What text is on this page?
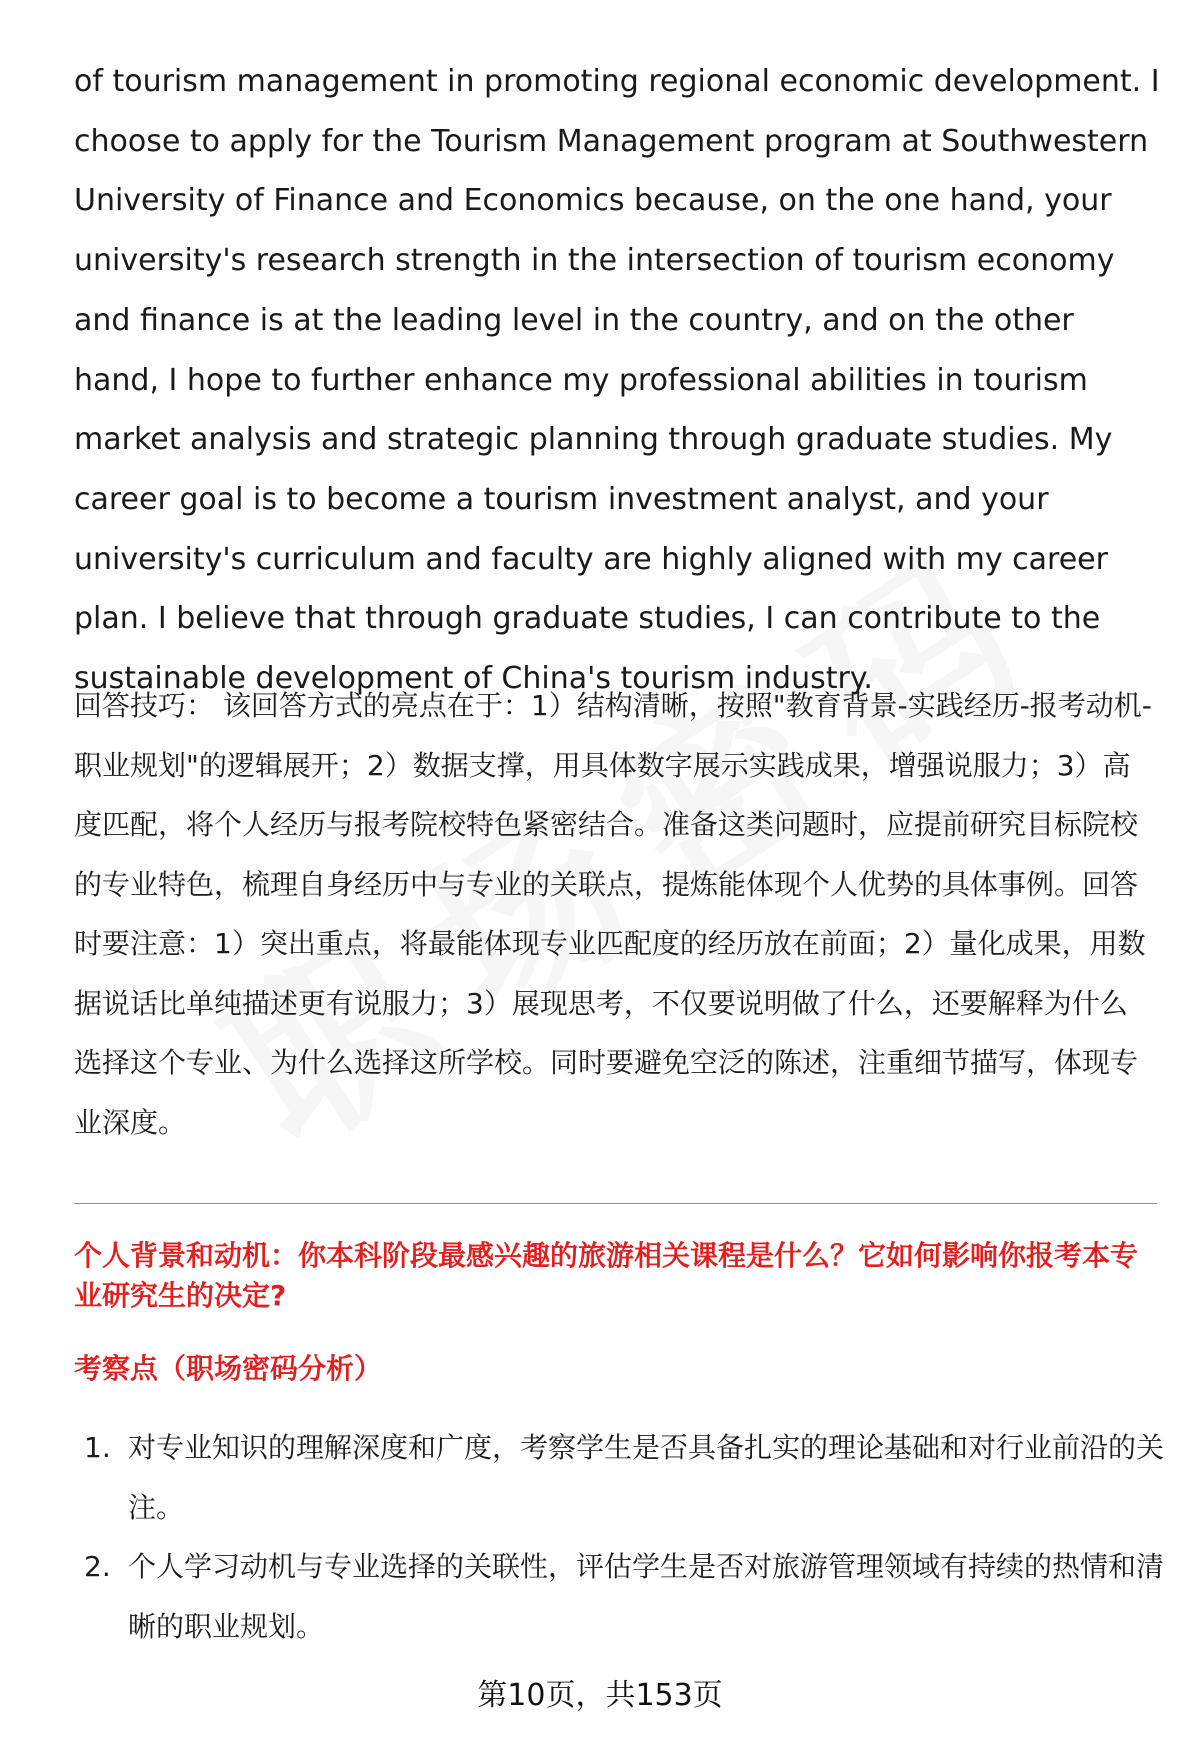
of tourism management in promoting regional economic development. I choose to apply for the Tourism Management program at Southwestern University of Finance and Economics because, on the one hand, your university's research strength in the intersection of tourism economy and finance is at the leading level in the country, and on the other hand, I hope to further enhance my professional abilities in tourism market analysis and strategic planning through graduate studies. My career goal is to become a tourism investment analyst, and your university's curriculum and faculty are highly aligned with my career plan. I believe that through graduate studies, I can contribute to the sustainable development of China's tourism industry.

回答技巧： 该回答方式的亮点在于：1）结构清晰，按照"教育背景-实践经历-报考动机-职业规划"的逻辑展开；2）数据支撑，用具体数字展示实践成果，增强说服力；3）高度匹配，将个人经历与报考院校特色紧密结合。准备这类问题时，应提前研究目标院校的专业特色，梳理自身经历中与专业的关联点，提炼能体现个人优势的具体事例。回答时要注意：1）突出重点，将最能体现专业匹配度的经历放在前面；2）量化成果，用数据说话比单纯描述更有说服力；3）展现思考，不仅要说明做了什么，还要解释为什么选择这个专业、为什么选择这所学校。同时要避免空泛的陈述，注重细节描写，体现专业深度。

个人背景和动机：你本科阶段最感兴趣的旅游相关课程是什么？它如何影响你报考本专业研究生的决定?
考察点（职场密码分析）
1. 对专业知识的理解深度和广度，考察学生是否具备扎实的理论基础和对行业前沿的关注。
2. 个人学习动机与专业选择的关联性，评估学生是否对旅游管理领域有持续的热情和清晰的职业规划。
第10页，共153页
